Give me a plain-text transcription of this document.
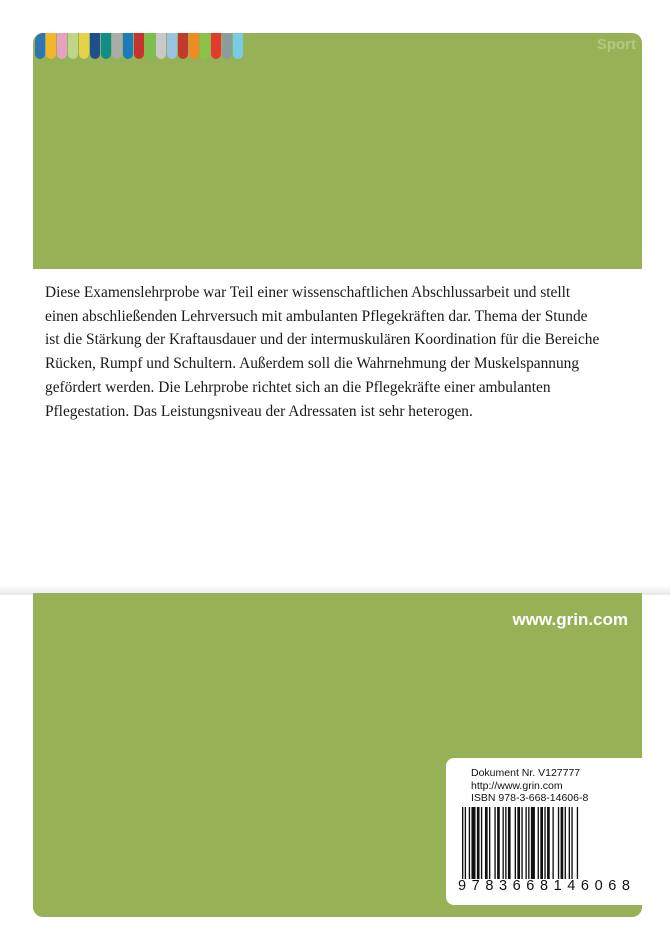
Sport

Diese Examenslehrprobe war Teil einer wissenschaftlichen Abschlussarbeit und stellt

einen abschließenden Lehrversuch mit ambulanten Pflegekräften dar. Thema der Stunde

ist die Stärkung der Kraftausdauer und der intermuskulären Koordination für die Bereiche

Rücken, Rumpf und Schultern. Außerdem soll die Wahrnehmung der Muskelspannung

gefördert werden. Die Lehrprobe richtet sich an die Pflegekräfte einer ambulanten

Pflegestation. Das Leistungsniveau der Adressaten ist sehr heterogen.

www.grin.com
Dokument Nr. V127777
http://www.grin.com
ISBN 978-3-668-14606-8
9 7 8 3 6 6 8 1 4 6 0 6 8
